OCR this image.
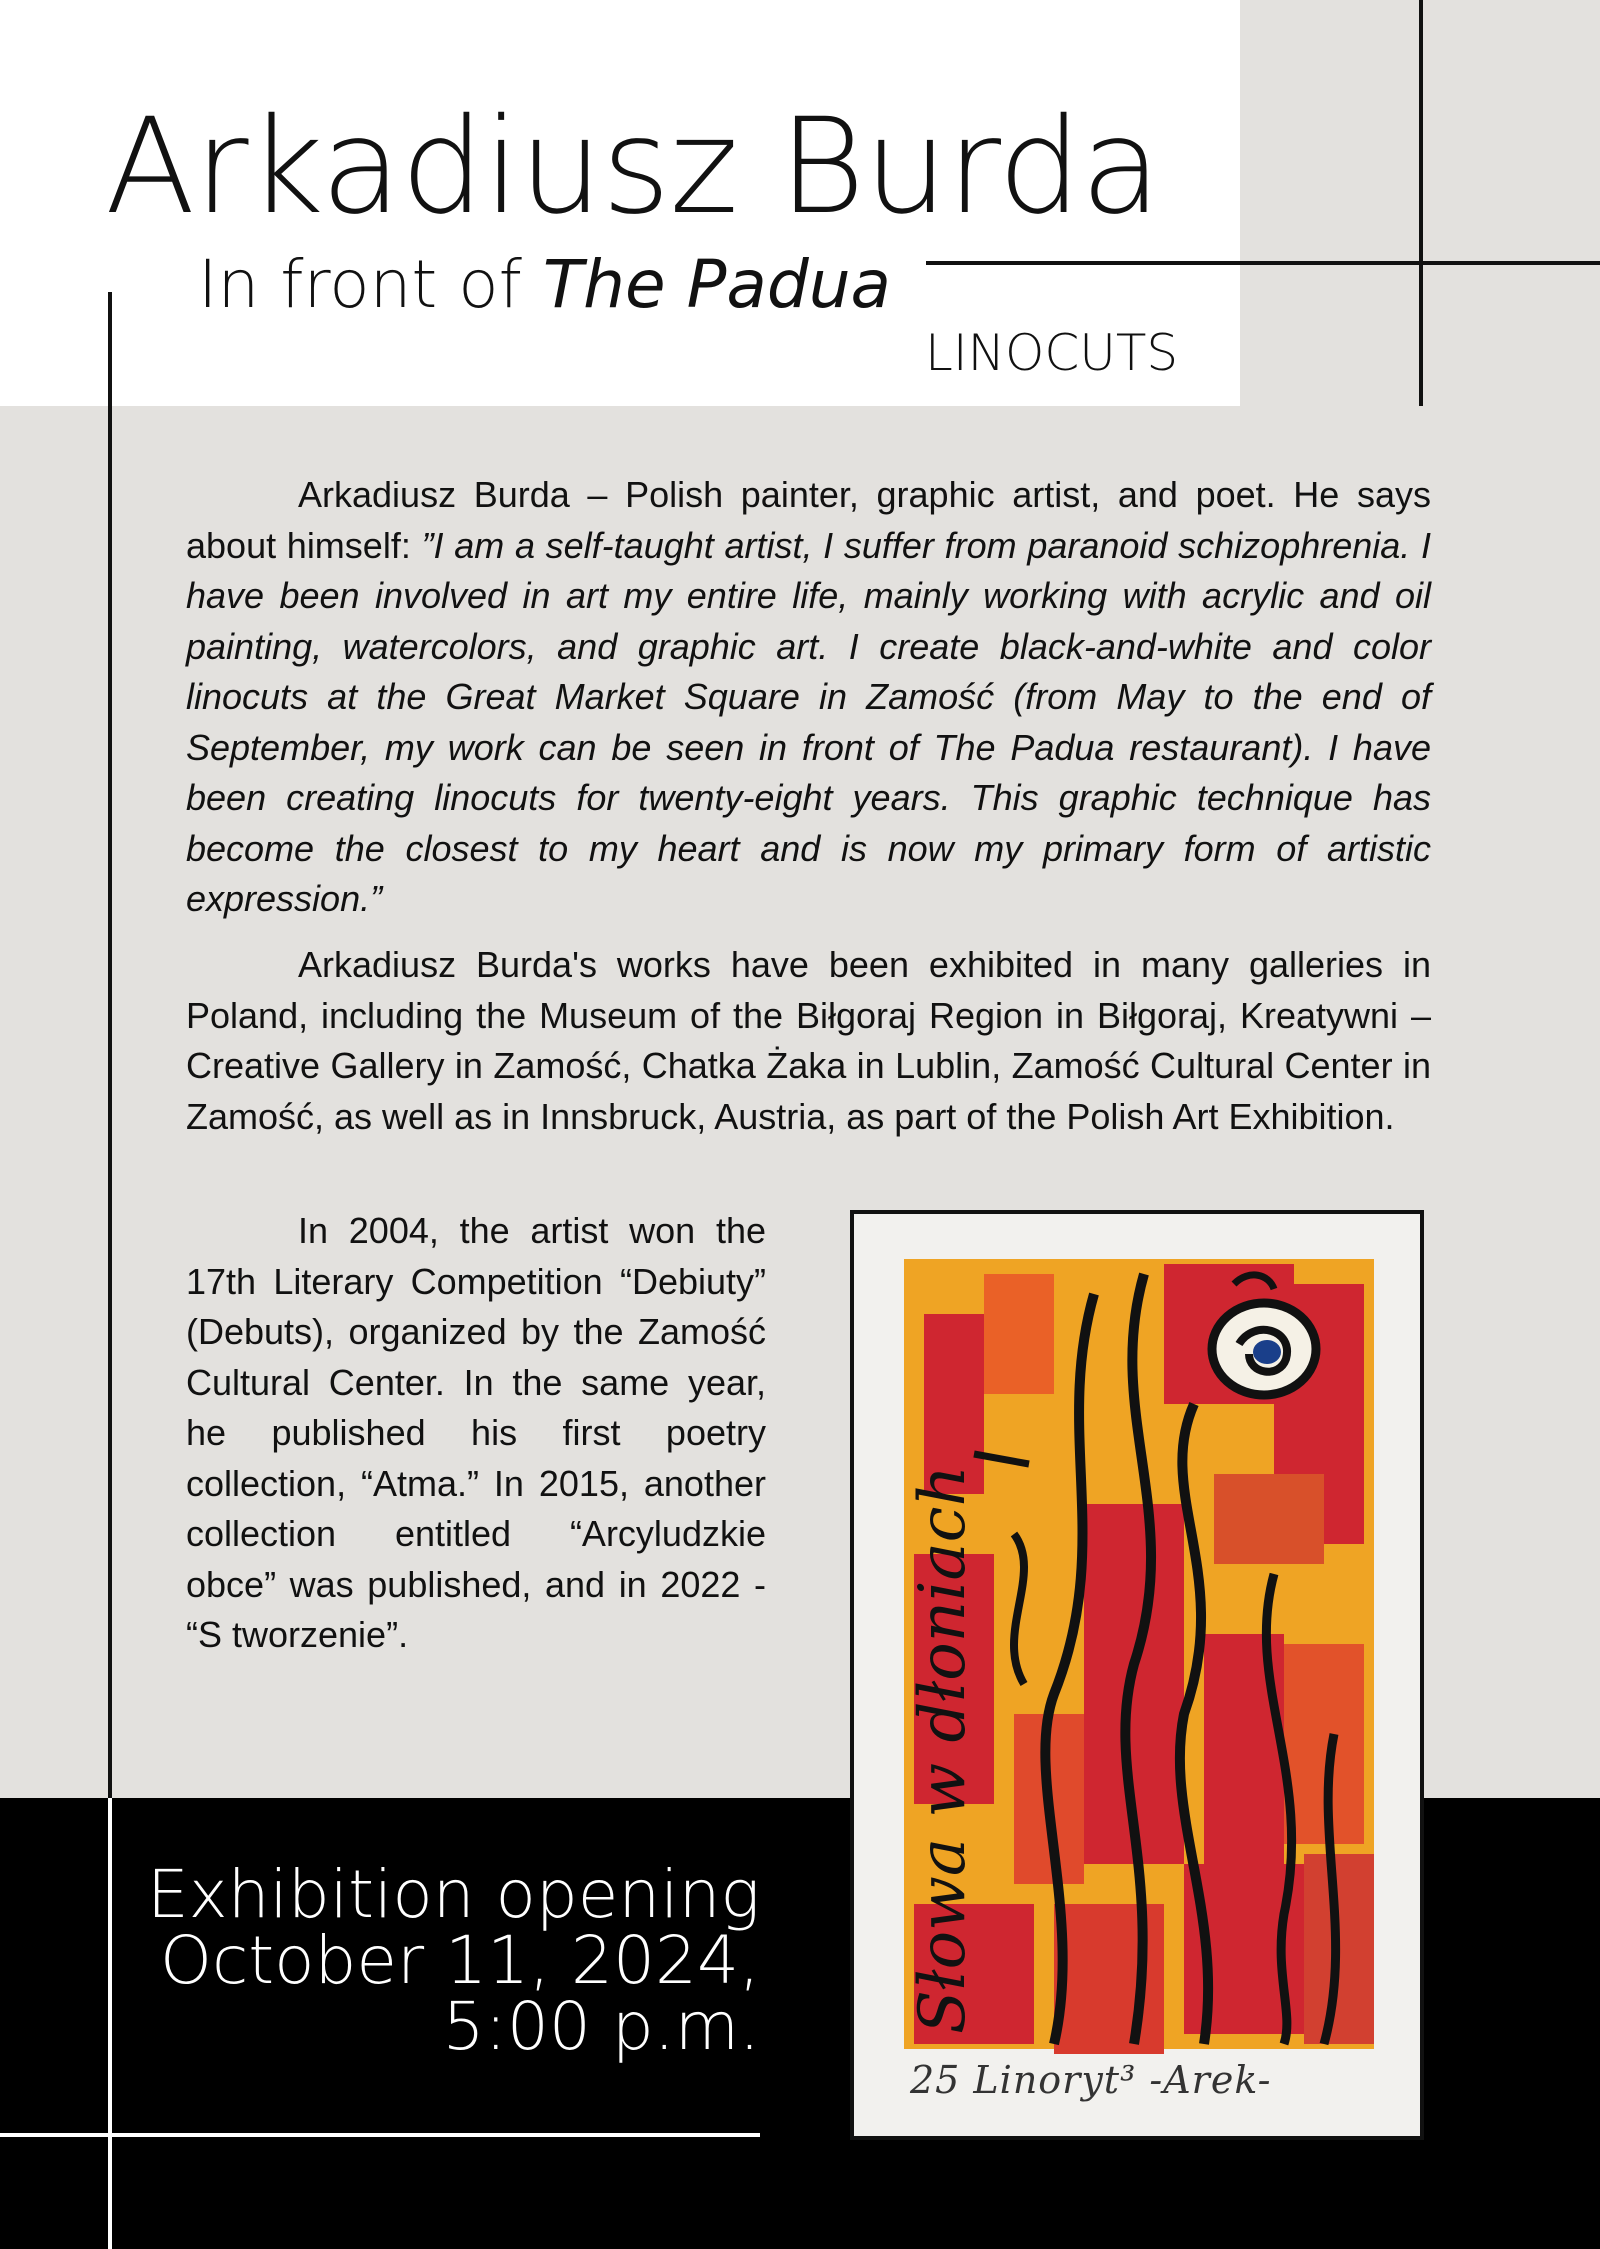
Arkadiusz Burda
In front of The Padua

LINOCUTS

Arkadiusz Burda – Polish painter, graphic artist, and poet. He says about himself: ”I am a self-taught artist, I suffer from paranoid schizophrenia. I have been involved in art my entire life, mainly working with acrylic and oil painting, watercolors, and graphic art. I create black-and-white and color linocuts at the Great Market Square in Zamość (from May to the end of September, my work can be seen in front of The Padua restaurant). I have been creating linocuts for twenty-eight years. This graphic technique has become the closest to my heart and is now my primary form of artistic expression.”

Arkadiusz Burda's works have been exhibited in many galleries in Poland, including the Museum of the Biłgoraj Region in Biłgoraj, Kreatywni – Creative Gallery in Zamość, Chatka Żaka in Lublin, Zamość Cultural Center in Zamość, as well as in Innsbruck, Austria, as part of the Polish Art Exhibition.

In 2004, the artist won the 17th Literary Competition “Debiuty” (Debuts), organized by the Zamość Cultural Center. In the same year, he published his first poetry collection, “Atma.” In 2015, another collection entitled “Arcyludzkie obce” was published, and in 2022 - “S tworzenie”.

Exhibition opening
October 11, 2024,
5:00 p.m. Słowa w dłoniach

25 Linoryt³ -Arek-
